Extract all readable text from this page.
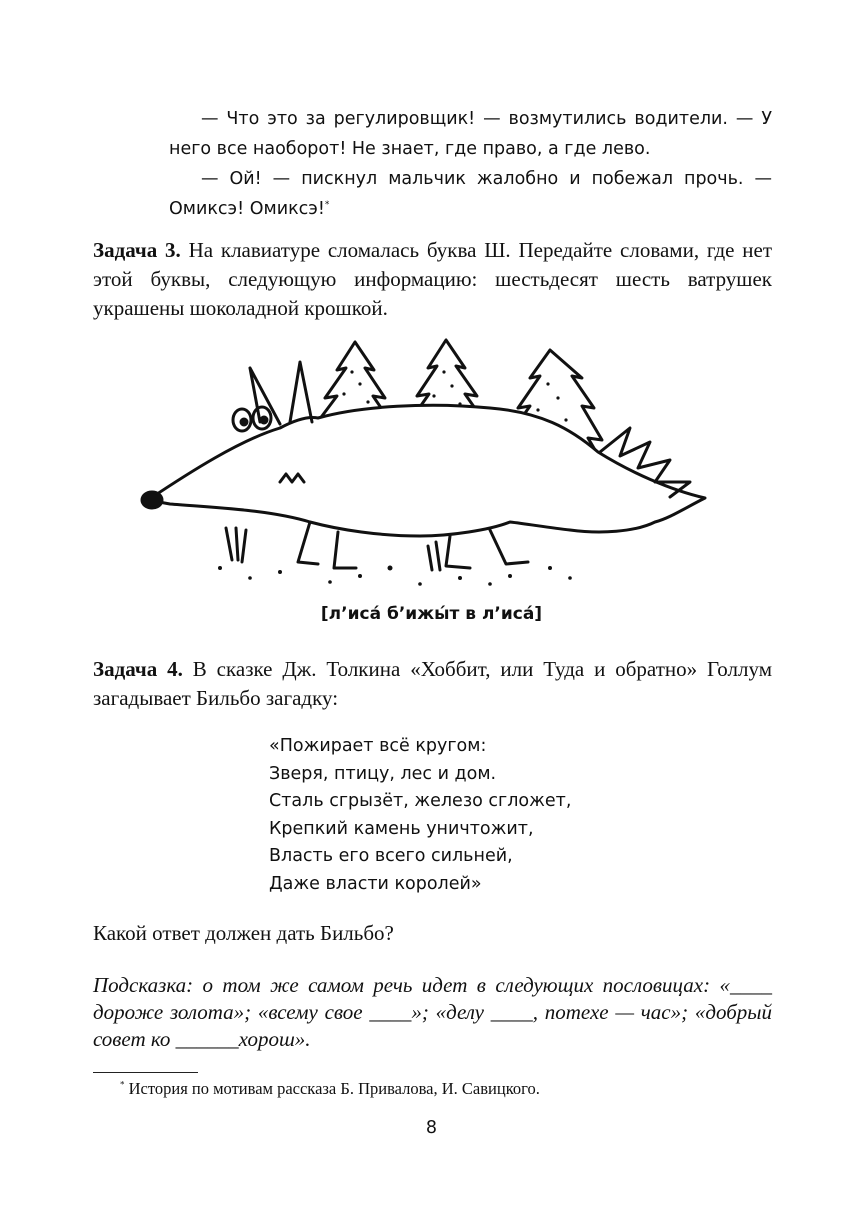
— Что это за регулировщик! — возмутились водители. — У него все наоборот! Не знает, где право, а где лево.

— Ой! — пискнул мальчик жалобно и побежал прочь. — Омиксэ! Омиксэ!*

Задача 3. На клавиатуре сломалась буква Ш. Передайте словами, где нет этой буквы, следующую информацию: шестьдесят шесть ватрушек украшены шоколадной крошкой.

[л’иса́ б’ижы́т в л’иса́]

Задача 4. В сказке Дж. Толкина «Хоббит, или Туда и обратно» Голлум загадывает Бильбо загадку:

«Пожирает всё кругом:
Зверя, птицу, лес и дом.
Сталь сгрызёт, железо сгложет,
Крепкий камень уничтожит,
Власть его всего сильней,
Даже власти королей»

Какой ответ должен дать Бильбо?

Подсказка: о том же самом речь идет в следующих пословицах: «____ дороже золота»; «всему свое ____»; «делу ____, потехе — час»; «добрый совет ко ______хорош».

* История по мотивам рассказа Б. Привалова, И. Савицкого.
8
